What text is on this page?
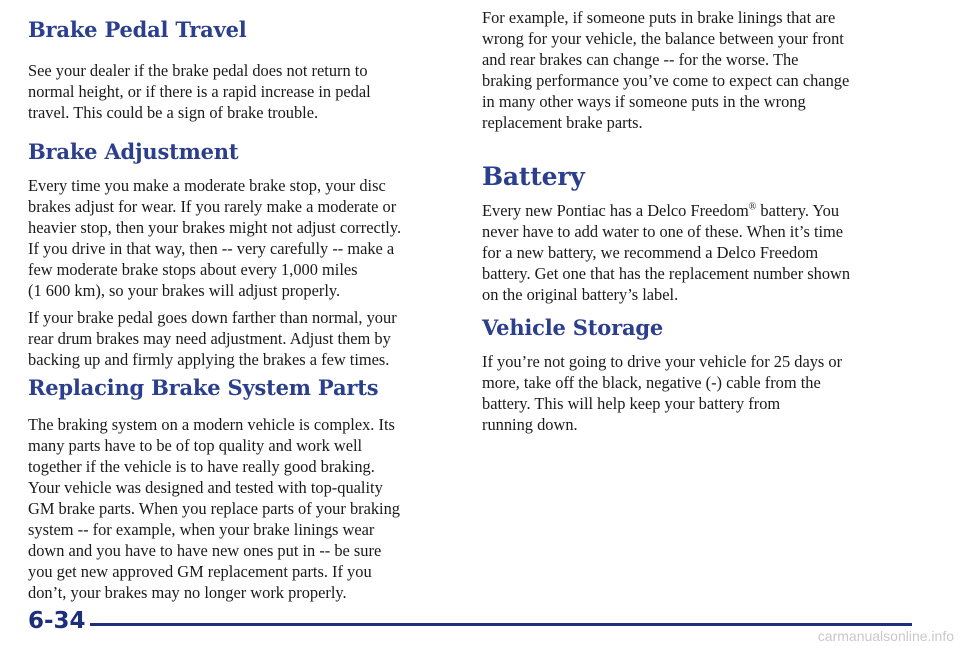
Brake Pedal Travel

See your dealer if the brake pedal does not return to
normal height, or if there is a rapid increase in pedal
travel. This could be a sign of brake trouble.

Brake Adjustment

Every time you make a moderate brake stop, your disc
brakes adjust for wear. If you rarely make a moderate or
heavier stop, then your brakes might not adjust correctly.
If you drive in that way, then -- very carefully -- make a
few moderate brake stops about every 1,000 miles
(1 600 km), so your brakes will adjust properly.

If your brake pedal goes down farther than normal, your
rear drum brakes may need adjustment. Adjust them by
backing up and firmly applying the brakes a few times.

Replacing Brake System Parts

The braking system on a modern vehicle is complex. Its
many parts have to be of top quality and work well
together if the vehicle is to have really good braking.
Your vehicle was designed and tested with top-quality
GM brake parts. When you replace parts of your braking
system -- for example, when your brake linings wear
down and you have to have new ones put in -- be sure
you get new approved GM replacement parts. If you
don’t, your brakes may no longer work properly.

For example, if someone puts in brake linings that are
wrong for your vehicle, the balance between your front
and rear brakes can change -- for the worse. The
braking performance you’ve come to expect can change
in many other ways if someone puts in the wrong
replacement brake parts.

Battery

Every new Pontiac has a Delco Freedom® battery. You
never have to add water to one of these. When it’s time
for a new battery, we recommend a Delco Freedom
battery. Get one that has the replacement number shown
on the original battery’s label.

Vehicle Storage

If you’re not going to drive your vehicle for 25 days or
more, take off the black, negative (-) cable from the
battery. This will help keep your battery from
running down.

6-34
carmanualsonline.info
